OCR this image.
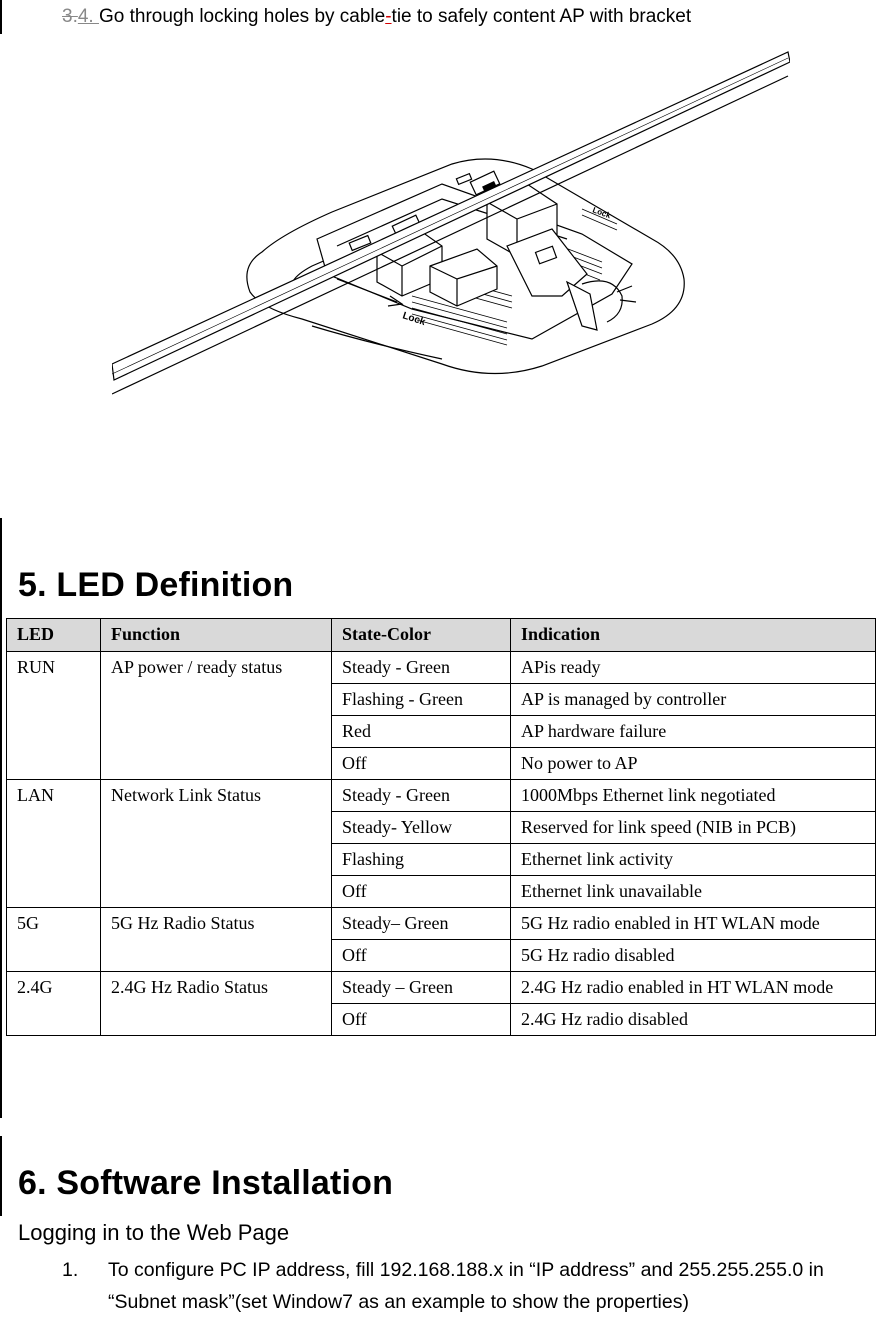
3.4. Go through locking holes by cable-tie to safely content AP with bracket
Lock
Lock
5. LED Definition
LED	Function	State-Color	Indication
RUN	AP power / ready status	Steady - Green	APis ready
		Flashing - Green	AP is managed by controller
		Red	AP hardware failure
		Off	No power to AP
LAN	Network Link Status	Steady - Green	1000Mbps Ethernet link negotiated
		Steady- Yellow	Reserved for link speed (NIB in PCB)
		Flashing	Ethernet link activity
		Off	Ethernet link unavailable
5G	5G Hz Radio Status	Steady– Green	5G Hz radio enabled in HT WLAN mode
		Off	5G Hz radio disabled
2.4G	2.4G Hz Radio Status	Steady – Green	2.4G Hz radio enabled in HT WLAN mode
		Off	2.4G Hz radio disabled
6. Software Installation
Logging in to the Web Page
1. To configure PC IP address, fill 192.168.188.x in “IP address” and 255.255.255.0 in “Subnet mask”(set Window7 as an example to show the properties)
